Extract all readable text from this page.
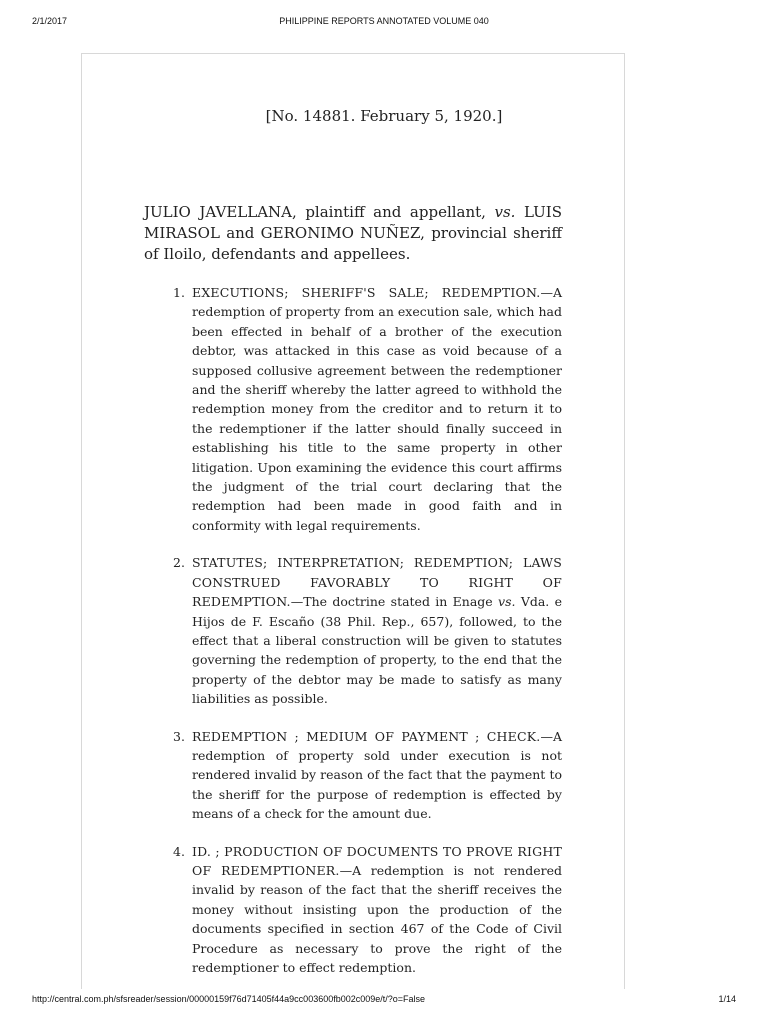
2/1/2017	PHILIPPINE REPORTS ANNOTATED VOLUME 040
[No. 14881. February 5, 1920.]
JULIO JAVELLANA, plaintiff and appellant, vs. LUIS MIRASOL and GERONIMO NUÑEZ, provincial sheriff of Iloilo, defendants and appellees.
1. EXECUTIONS; SHERIFF'S SALE; REDEMPTION.—A redemption of property from an execution sale, which had been effected in behalf of a brother of the execution debtor, was attacked in this case as void because of a supposed collusive agreement between the redemptioner and the sheriff whereby the latter agreed to withhold the redemption money from the creditor and to return it to the redemptioner if the latter should finally succeed in establishing his title to the same property in other litigation. Upon examining the evidence this court affirms the judgment of the trial court declaring that the redemption had been made in good faith and in conformity with legal requirements.
2. STATUTES; INTERPRETATION; REDEMPTION; LAWS CONSTRUED FAVORABLY TO RIGHT OF REDEMPTION.—The doctrine stated in Enage vs. Vda. e Hijos de F. Escaño (38 Phil. Rep., 657), followed, to the effect that a liberal construction will be given to statutes governing the redemption of property, to the end that the property of the debtor may be made to satisfy as many liabilities as possible.
3. REDEMPTION ; MEDIUM OF PAYMENT ; CHECK.—A redemption of property sold under execution is not rendered invalid by reason of the fact that the payment to the sheriff for the purpose of redemption is effected by means of a check for the amount due.
4. ID. ; PRODUCTION OF DOCUMENTS TO PROVE RIGHT OF REDEMPTIONER.—A redemption is not rendered invalid by reason of the fact that the sheriff receives the money without insisting upon the production of the documents specified in section 467 of the Code of Civil Procedure as necessary to prove the right of the redemptioner to effect redemption.
http://central.com.ph/sfsreader/session/00000159f76d71405f44a9cc003600fb002c009e/t/?o=False	1/14
